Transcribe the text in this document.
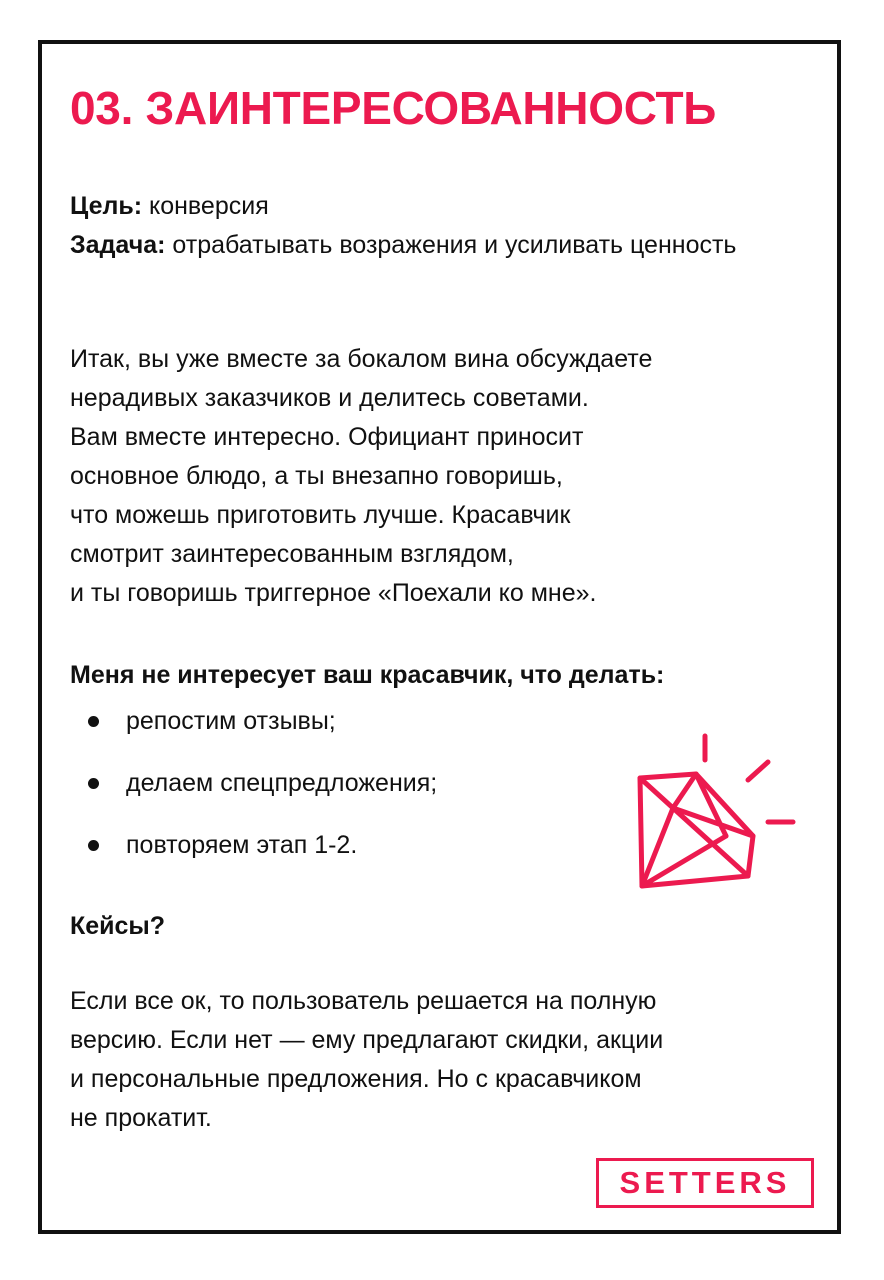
03. ЗАИНТЕРЕСОВАННОСТЬ
Цель: конверсия
Задача: отрабатывать возражения и усиливать ценность
Итак, вы уже вместе за бокалом вина обсуждаете
нерадивых заказчиков и делитесь советами.
Вам вместе интересно. Официант приносит
основное блюдо, а ты внезапно говоришь,
что можешь приготовить лучше. Красавчик
смотрит заинтересованным взглядом,
и ты говоришь триггерное «Поехали ко мне».
Меня не интересует ваш красавчик, что делать:
репостим отзывы;
делаем спецпредложения;
повторяем этап 1-2.
Кейсы?
Если все ок, то пользователь решается на полную
версию. Если нет — ему предлагают скидки, акции
и персональные предложения. Но с красавчиком
не прокатит.
SETTERS
